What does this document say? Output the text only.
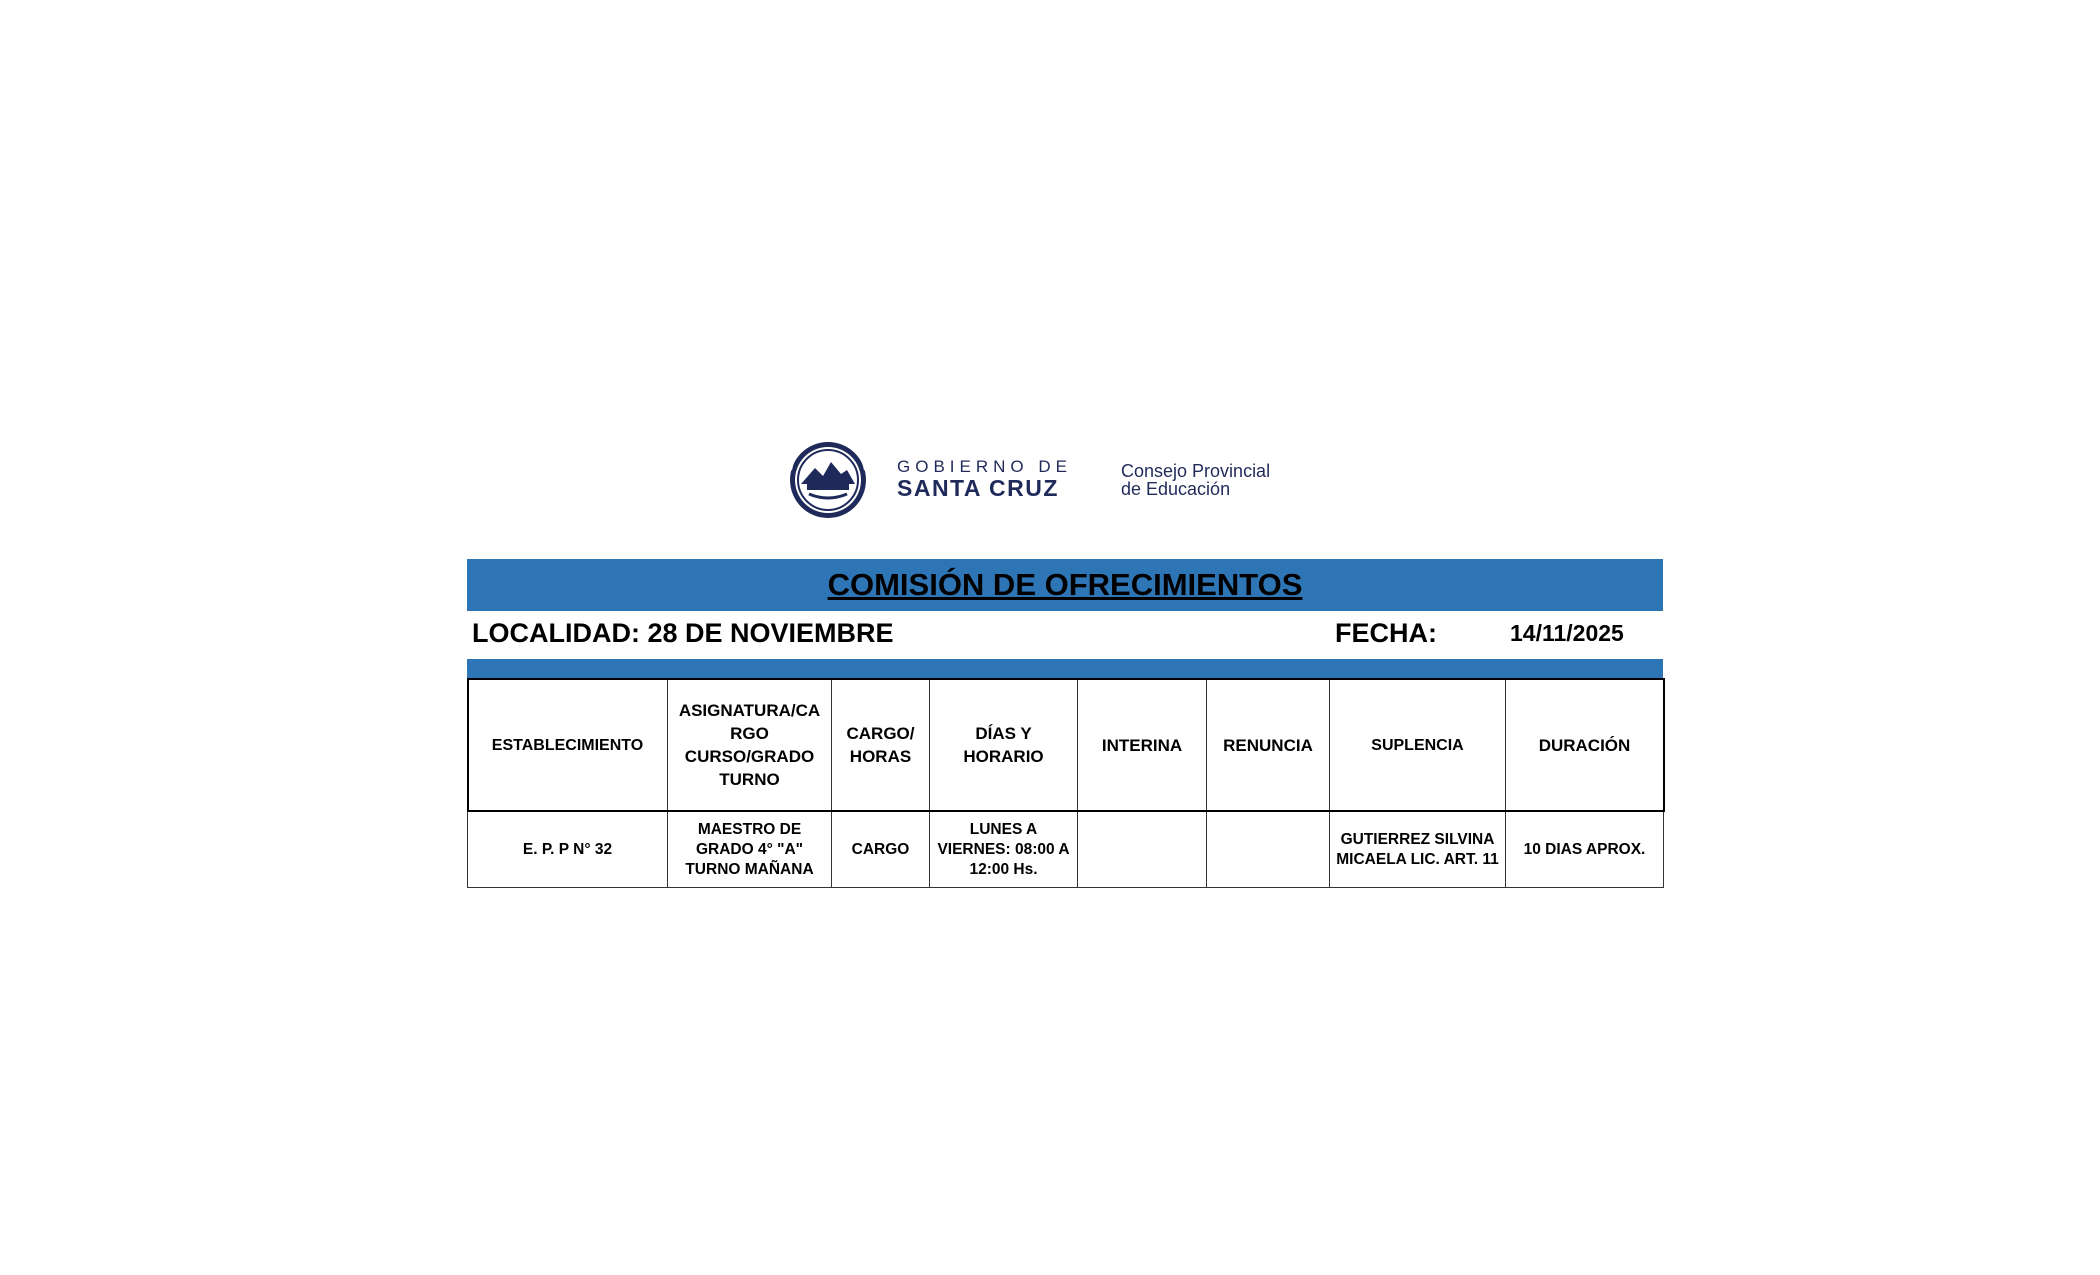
GOBIERNO DE
SANTA CRUZ
Consejo Provincial
de Educación
COMISIÓN DE OFRECIMIENTOS
LOCALIDAD: 28 DE NOVIEMBRE	FECHA:	14/11/2025
ESTABLECIMIENTO	ASIGNATURA/CA RGO CURSO/GRADO TURNO	CARGO/ HORAS	DÍAS Y HORARIO	INTERINA	RENUNCIA	SUPLENCIA	DURACIÓN
E. P. P N° 32	MAESTRO DE GRADO 4° "A" TURNO MAÑANA	CARGO	LUNES A VIERNES: 08:00 A 12:00 Hs.			GUTIERREZ SILVINA MICAELA LIC. ART. 11	10 DIAS APROX.
